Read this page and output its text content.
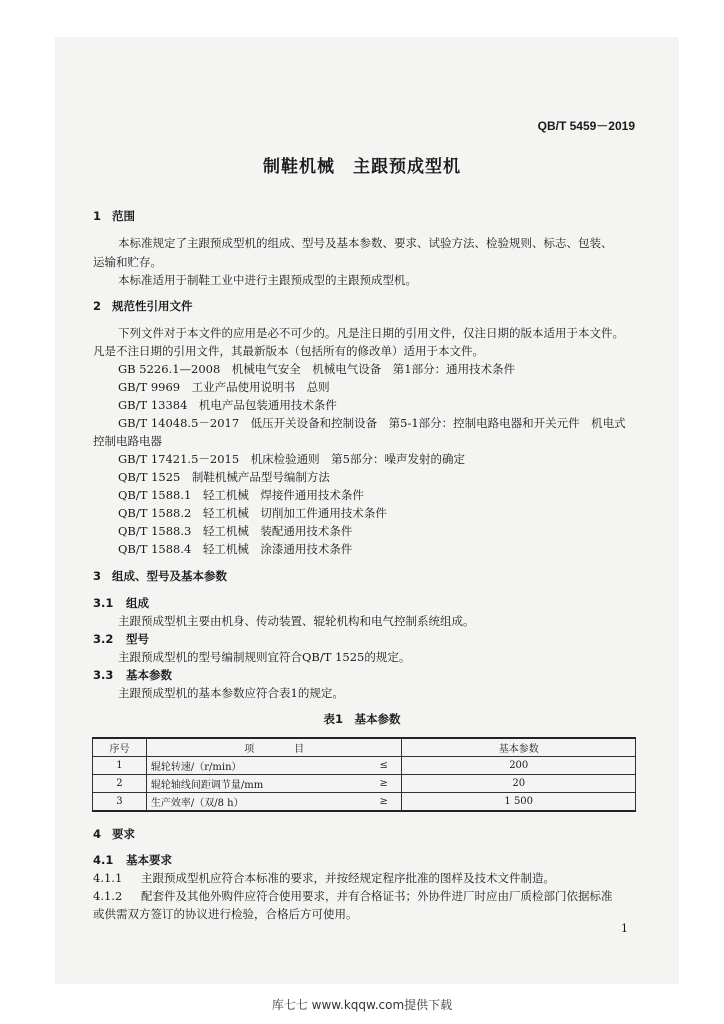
QB/T 5459－2019
制鞋机械　主跟预成型机
1 范围
本标准规定了主跟预成型机的组成、型号及基本参数、要求、试验方法、检验规则、标志、包装、
运输和贮存。
本标准适用于制鞋工业中进行主跟预成型的主跟预成型机。
2 规范性引用文件
下列文件对于本文件的应用是必不可少的。凡是注日期的引用文件，仅注日期的版本适用于本文件。
凡是不注日期的引用文件，其最新版本（包括所有的修改单）适用于本文件。
GB 5226.1—2008　机械电气安全　机械电气设备　第1部分：通用技术条件
GB/T 9969　工业产品使用说明书　总则
GB/T 13384　机电产品包装通用技术条件
GB/T 14048.5－2017　低压开关设备和控制设备　第5-1部分：控制电路电器和开关元件　机电式
控制电路电器
GB/T 17421.5－2015　机床检验通则　第5部分：噪声发射的确定
QB/T 1525　制鞋机械产品型号编制方法
QB/T 1588.1　轻工机械　焊接件通用技术条件
QB/T 1588.2　轻工机械　切削加工件通用技术条件
QB/T 1588.3　轻工机械　装配通用技术条件
QB/T 1588.4　轻工机械　涂漆通用技术条件
3 组成、型号及基本参数
3.1 组成
主跟预成型机主要由机身、传动装置、辊轮机构和电气控制系统组成。
3.2 型号
主跟预成型机的型号编制规则宜符合QB/T 1525的规定。
3.3 基本参数
主跟预成型机的基本参数应符合表1的规定。
表1　基本参数
序号	项　　　　目		基本参数
1	辊轮转速/（r/min）	≤	200
2	辊轮轴线间距调节量/mm	≥	20
3	生产效率/（双/8 h）	≥	1 500
4 要求
4.1 基本要求
4.1.1 主跟预成型机应符合本标准的要求，并按经规定程序批准的图样及技术文件制造。
4.1.2 配套件及其他外购件应符合使用要求，并有合格证书；外协件进厂时应由厂质检部门依据标准
或供需双方签订的协议进行检验，合格后方可使用。
1
库七七 www.kqqw.com提供下载
